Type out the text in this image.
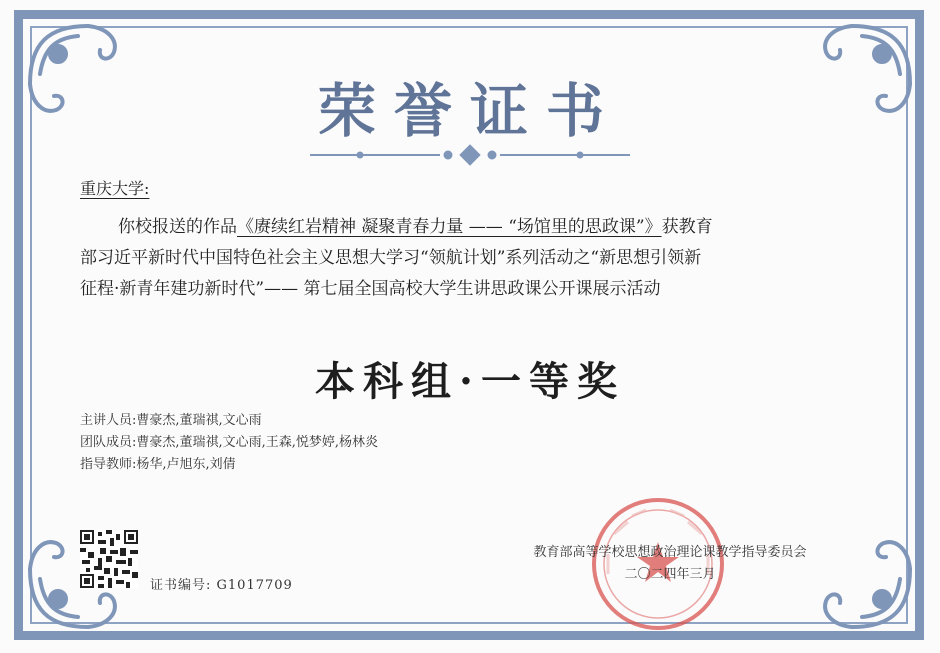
荣誉证书
重庆大学:
你校报送的作品《赓续红岩精神 凝聚青春力量 —— “场馆里的思政课”》获教育
部习近平新时代中国特色社会主义思想大学习“领航计划”系列活动之“新思想引领新
征程·新青年建功新时代”—— 第七届全国高校大学生讲思政课公开课展示活动
本科组·一等奖
主讲人员:曹豪杰,董瑞祺,文心雨
团队成员:曹豪杰,董瑞祺,文心雨,王森,悦梦婷,杨林炎
指导教师:杨华,卢旭东,刘倩
证书编号: G1017709
教育部高等学校思想政治理论课教学指导委员会
二〇二四年三月
